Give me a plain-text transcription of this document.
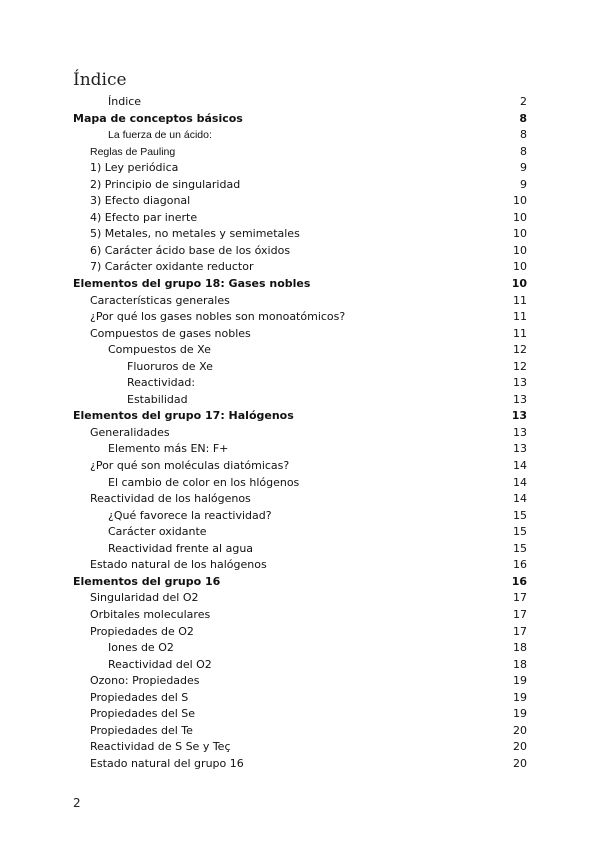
Índice
Índice	2
Mapa de conceptos básicos	8
La fuerza de un ácido:	8
Reglas de Pauling	8
1) Ley periódica	9
2) Principio de singularidad	9
3) Efecto diagonal	10
4) Efecto par inerte	10
5) Metales, no metales y semimetales	10
6) Carácter ácido base de los óxidos	10
7) Carácter oxidante reductor	10
Elementos del grupo 18: Gases nobles	10
Características generales	11
¿Por qué los gases nobles son monoatómicos?	11
Compuestos de gases nobles	11
Compuestos de Xe	12
Fluoruros de Xe	12
Reactividad:	13
Estabilidad	13
Elementos del grupo 17: Halógenos	13
Generalidades	13
Elemento más EN: F+	13
¿Por qué son moléculas diatómicas?	14
El cambio de color en los hlógenos	14
Reactividad de los halógenos	14
¿Qué favorece la reactividad?	15
Carácter oxidante	15
Reactividad frente al agua	15
Estado natural de los halógenos	16
Elementos del grupo 16	16
Singularidad del O2	17
Orbitales moleculares	17
Propiedades de O2	17
Iones de O2	18
Reactividad del O2	18
Ozono: Propiedades	19
Propiedades del S	19
Propiedades del Se	19
Propiedades del Te	20
Reactividad de S Se y Teç	20
Estado natural del grupo 16	20
2
